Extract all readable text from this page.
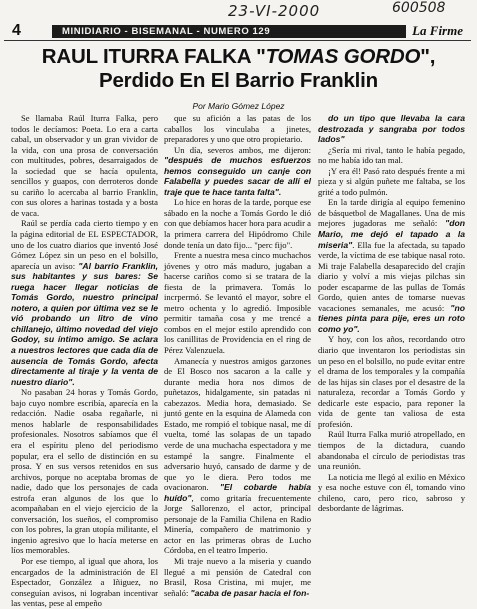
23-VI-2000	600508
4	MINIDIARIO - BISEMANAL - NUMERO 129	La Firme
RAUL ITURRA FALKA "TOMAS GORDO",
Perdido En El Barrio Franklin
Por Mario Gómez López

Se llamaba Raúl Iturra Falka, pero todos le decíamos: Poeta. Lo era a carta cabal, un observador y un gran vividor de la vida, con una prosa de conversación con multitudes, pobres, desarraigados de la sociedad que se hacía opulenta, sencillos y guapos, con derroteros donde su cariño lo acercaba al barrio Franklin, con sus olores a harinas tostada y a bosta de vaca.

Raúl se perdía cada cierto tiempo y en la página editorial de EL ESPECTADOR, uno de los cuatro diarios que inventó José Gómez López sin un peso en el bolsillo, aparecía un aviso: "Al barrio Franklin, sus habitantes y sus bares: Se ruega hacer llegar noticias de Tomás Gordo, nuestro principal notero, a quien por última vez se le vió probando un litro de vino chillanejo, último novedad del viejo Godoy, su íntimo amigo. Se aclara a nuestros lectores que cada día de ausencia de Tomás Gordo, afecta directamente al tiraje y la venta de nuestro diario".

No pasaban 24 horas y Tomás Gordo, bajo cuyo nombre escribía, aparecía en la redacción. Nadie osaba regañarle, ni menos hablarle de responsabilidades profesionales. Nosotros sabíamos que él era el espíritu pleno del periodismo popular, era el sello de distinción en su prosa. Y en sus versos retenidos en sus archivos, porque no aceptaba bromas de nadie, dado que los personajes de cada estrofa eran algunos de los que lo acompañaban en el viejo ejercicio de la conversación, los sueños, el compromiso con los pobres, la gran utopía militante, el ingenio agresivo que lo hacía meterse en líos memorables.

Por ese tiempo, al igual que ahora, los encargados de la administración de El Espectador, González a Iñiguez, no conseguían avisos, ni lograban incentivar las ventas, pese al empeño

que su afición a las patas de los caballos los vinculaba a jinetes, preparadores y uno que otro propietario.

Un día, severos ambos, me dijeron: "después de muchos esfuerzos hemos conseguido un canje con Falabella y puedes sacar de allí el traje que te hace tanta falta".

Lo hice en horas de la tarde, porque ese sábado en la noche a Tomás Gordo le dió con que debíamos hacer hora para acudir a la primera carrera del Hipódromo Chile donde tenía un dato fijo... "perc fijo".

Frente a nuestra mesa cinco muchachos jóvenes y otro más maduro, jugaban a hacerse cariños como si se tratara de la fiesta de la primavera. Tomás lo incrpermó. Se levantó el mayor, sobre el metro ochenta y lo agredió. Imposible permitir tamaña cosa y me trencé a combos en el mejor estilo aprendido con los canillitas de Providencia en el ring de Pérez Valenzuela.

Amanecía y nuestros amigos garzones de El Bosco nos sacaron a la calle y durante media hora nos dimos de puñetazos, hidalgamente, sin patadas ni cabezazos. Media hora, demasiado. Se juntó gente en la esquina de Alameda con Estado, me rompió el tobique nasal, me dí vuelta, tomé las solapas de un tapado verde de una muchacha espectadora y me estampé la sangre. Finalmente el adversario huyó, cansado de darme y de que yo le diera. Pero todos me ovacionaron. "El cobarde había huído", como gritaría frecuentemente Jorge Sallorenzo, el actor, principal personaje de la Familia Chilena en Radio Minería, compañero de matrimonio y actor en las primeras obras de Lucho Córdoba, en el teatro Imperio.

Mi traje nuevo a la miseria y cuando llegué a mi pensión de Catedral con Brasil, Rosa Cristina, mi mujer, me señaló: "acaba de pasar hacia el fon-

do un tipo que llevaba la cara destrozada y sangraba por todos lados"

¿Sería mi rival, tanto le había pegado, no me había ido tan mal.

¡Y era él! Pasó rato después frente a mi pieza y si algún puñete me faltaba, se los grité a todo pulmón.

En la tarde dirigía al equipo femenino de básquetbol de Magallanes. Una de mis mejores jugadoras me señaló: "don Mario, me dejó el tapado a la miseria". Ella fue la afectada, su tapado verde, la víctima de ese tabique nasal roto. Mi traje Falabella desaparecido del crajín diario y volví a mis viejas pilchas sin poder escaparme de las pullas de Tomás Gordo, quien antes de tomarse nuevas vacaciones semanales, me acusó: "no tienes pinta para pije, eres un roto como yo".

Y hoy, con los años, recordando otro diario que inventaron los periodistas sin un peso en el bolsillo, no pude evitar entre el drama de los temporales y la compañía de las hijas sin clases por el desastre de la naturaleza, recordar a Tomás Gordo y dedicarle este espacio, para reponer la vida de gente tan valiosa de esta profesión.

Raúl Iturra Falka murió atropellado, en tiempos de la dictadura, cuando abandonaba el círculo de periodistas tras una reunión.

La noticia me llegó al exilio en México y esa noche estuve con él, tomando vino chileno, caro, pero rico, sabroso y desbordante de lágrimas.
